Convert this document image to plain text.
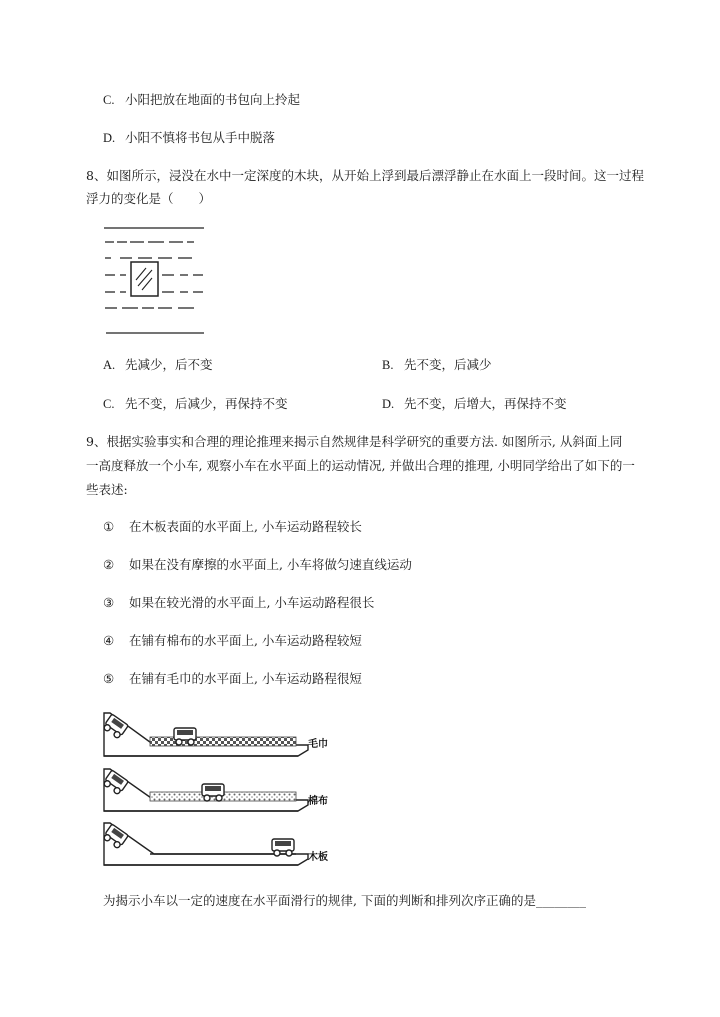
C. 小阳把放在地面的书包向上拎起
D. 小阳不慎将书包从手中脱落
8、如图所示，浸没在水中一定深度的木块，从开始上浮到最后漂浮静止在水面上一段时间。这一过程
浮力的变化是（　　）
A. 先减少，后不变	B. 先不变，后减少
C. 先不变，后减少，再保持不变	D. 先不变，后增大，再保持不变
9、根据实验事实和合理的理论推理来揭示自然规律是科学研究的重要方法. 如图所示, 从斜面上同
一高度释放一个小车, 观察小车在水平面上的运动情况, 并做出合理的推理, 小明同学给出了如下的一
些表述:
① 在木板表面的水平面上, 小车运动路程较长
② 如果在没有摩擦的水平面上, 小车将做匀速直线运动
③ 如果在较光滑的水平面上, 小车运动路程很长
④ 在铺有棉布的水平面上, 小车运动路程较短
⑤ 在铺有毛巾的水平面上, 小车运动路程很短
毛巾
棉布
木板
为揭示小车以一定的速度在水平面滑行的规律, 下面的判断和排列次序正确的是________
